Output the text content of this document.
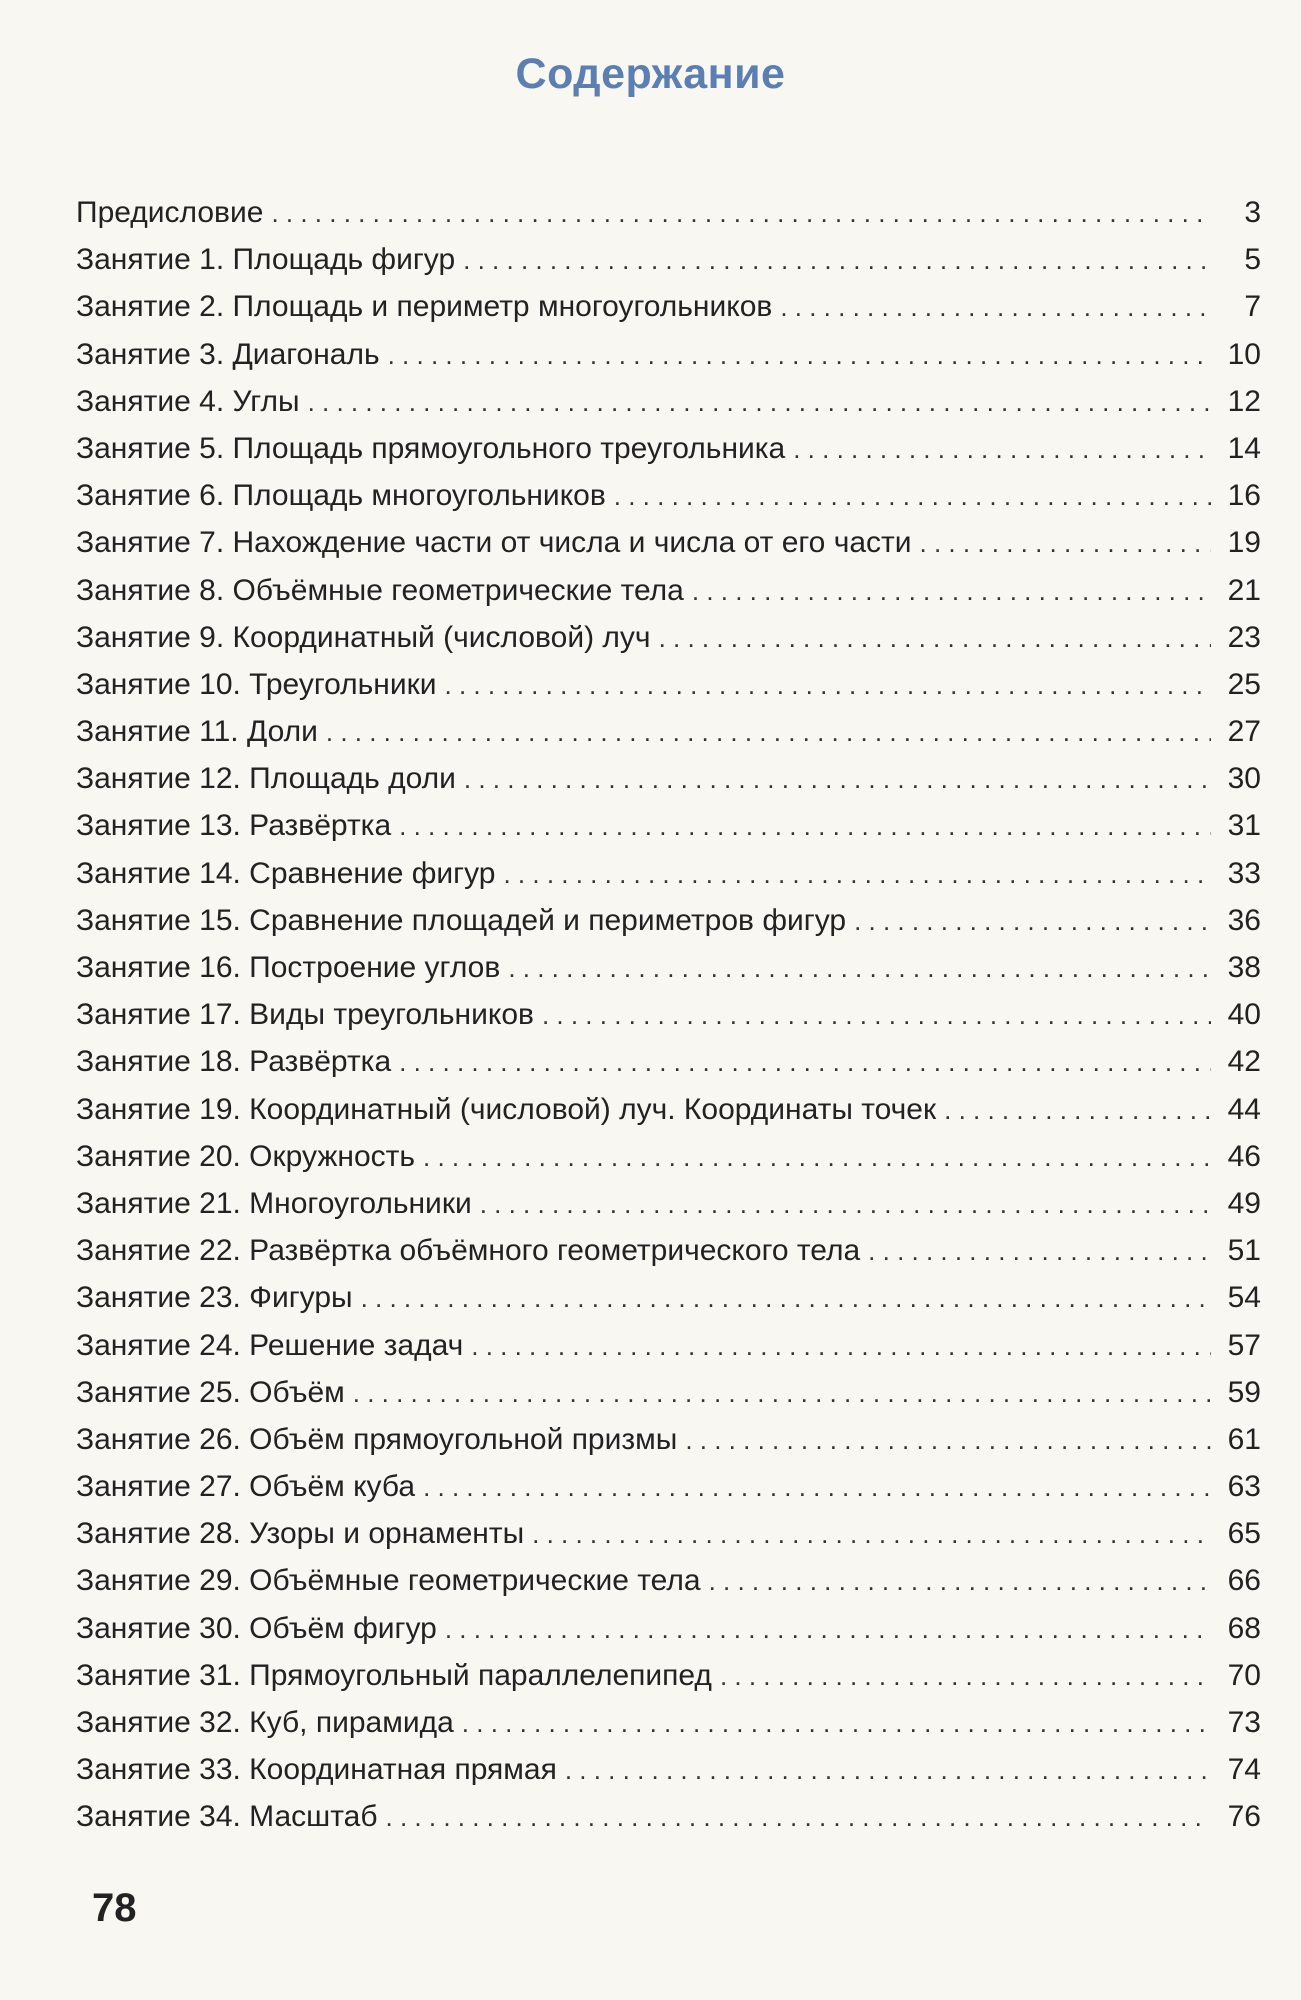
Содержание
Предисловие . . .	3
Занятие 1. Площадь фигур . . .	5
Занятие 2. Площадь и периметр многоугольников . . .	7
Занятие 3. Диагональ . . .	10
Занятие 4. Углы . . .	12
Занятие 5. Площадь прямоугольного треугольника . . .	14
Занятие 6. Площадь многоугольников . . .	16
Занятие 7. Нахождение части от числа и числа от его части . . .	19
Занятие 8. Объёмные геометрические тела . . .	21
Занятие 9. Координатный (числовой) луч . . .	23
Занятие 10. Треугольники . . .	25
Занятие 11. Доли . . .	27
Занятие 12. Площадь доли . . .	30
Занятие 13. Развёртка . . .	31
Занятие 14. Сравнение фигур . . .	33
Занятие 15. Сравнение площадей и периметров фигур . . .	36
Занятие 16. Построение углов . . .	38
Занятие 17. Виды треугольников . . .	40
Занятие 18. Развёртка . . .	42
Занятие 19. Координатный (числовой) луч. Координаты точек . . .	44
Занятие 20. Окружность . . .	46
Занятие 21. Многоугольники . . .	49
Занятие 22. Развёртка объёмного геометрического тела . . .	51
Занятие 23. Фигуры . . .	54
Занятие 24. Решение задач . . .	57
Занятие 25. Объём . . .	59
Занятие 26. Объём прямоугольной призмы . . .	61
Занятие 27. Объём куба . . .	63
Занятие 28. Узоры и орнаменты . . .	65
Занятие 29. Объёмные геометрические тела . . .	66
Занятие 30. Объём фигур . . .	68
Занятие 31. Прямоугольный параллелепипед . . .	70
Занятие 32. Куб, пирамида . . .	73
Занятие 33. Координатная прямая . . .	74
Занятие 34. Масштаб . . .	76
78
